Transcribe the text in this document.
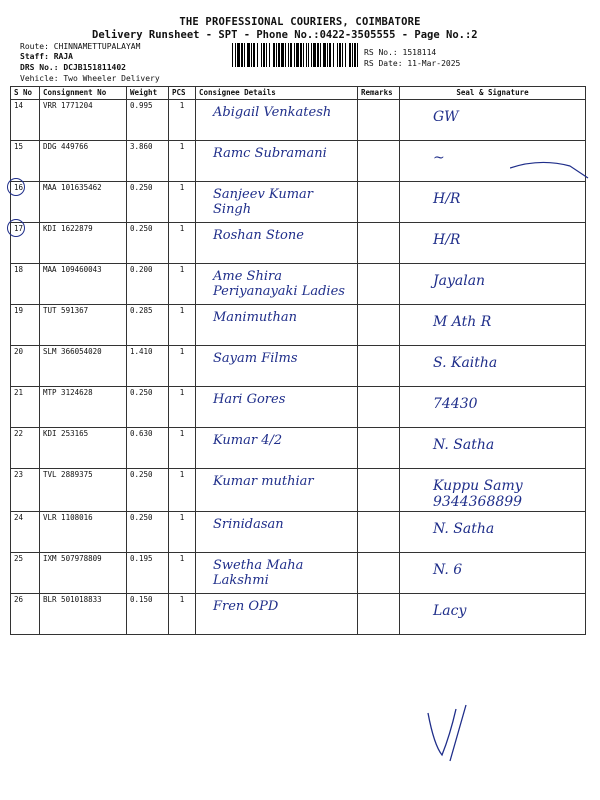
THE PROFESSIONAL COURIERS, COIMBATORE
Delivery Runsheet - SPT - Phone No.:0422-3505555 - Page No.:2
Route: CHINNAMETTUPALAYAM
Staff: RAJA
DRS No.: DCJB151811402
Vehicle: Two Wheeler Delivery
RS No.: 1518114
RS Date: 11-Mar-2025
S No	Consignment No	Weight	PCS	Consignee Details	Remarks	Seal & Signature
14	VRR 1771204	0.995	1	Abigail Venkatesh		GW

15	DDG 449766	3.860	1	Ramc Subramani		~

16	MAA 101635462	0.250	1	Sanjeev Kumar Singh		H/R

17	KDI 1622879	0.250	1	Roshan Stone		H/R

18	MAA 109460043	0.200	1	Ame Shira Periyanayaki Ladies		Jayalan

19	TUT 591367	0.285	1	Manimuthan		M Ath R

20	SLM 366054020	1.410	1	Sayam Films		S. Kaitha

21	MTP 3124628	0.250	1	Hari Gores		74430

22	KDI 253165	0.630	1	Kumar 4/2		N. Satha

23	TVL 2889375	0.250	1	Kumar muthiar		Kuppu Samy 9344368899

24	VLR 1108016	0.250	1	Srinidasan		N. Satha

25	IXM 507978809	0.195	1	Swetha Maha Lakshmi		N. 6

26	BLR 501018833	0.150	1	Fren OPD		Lacy
